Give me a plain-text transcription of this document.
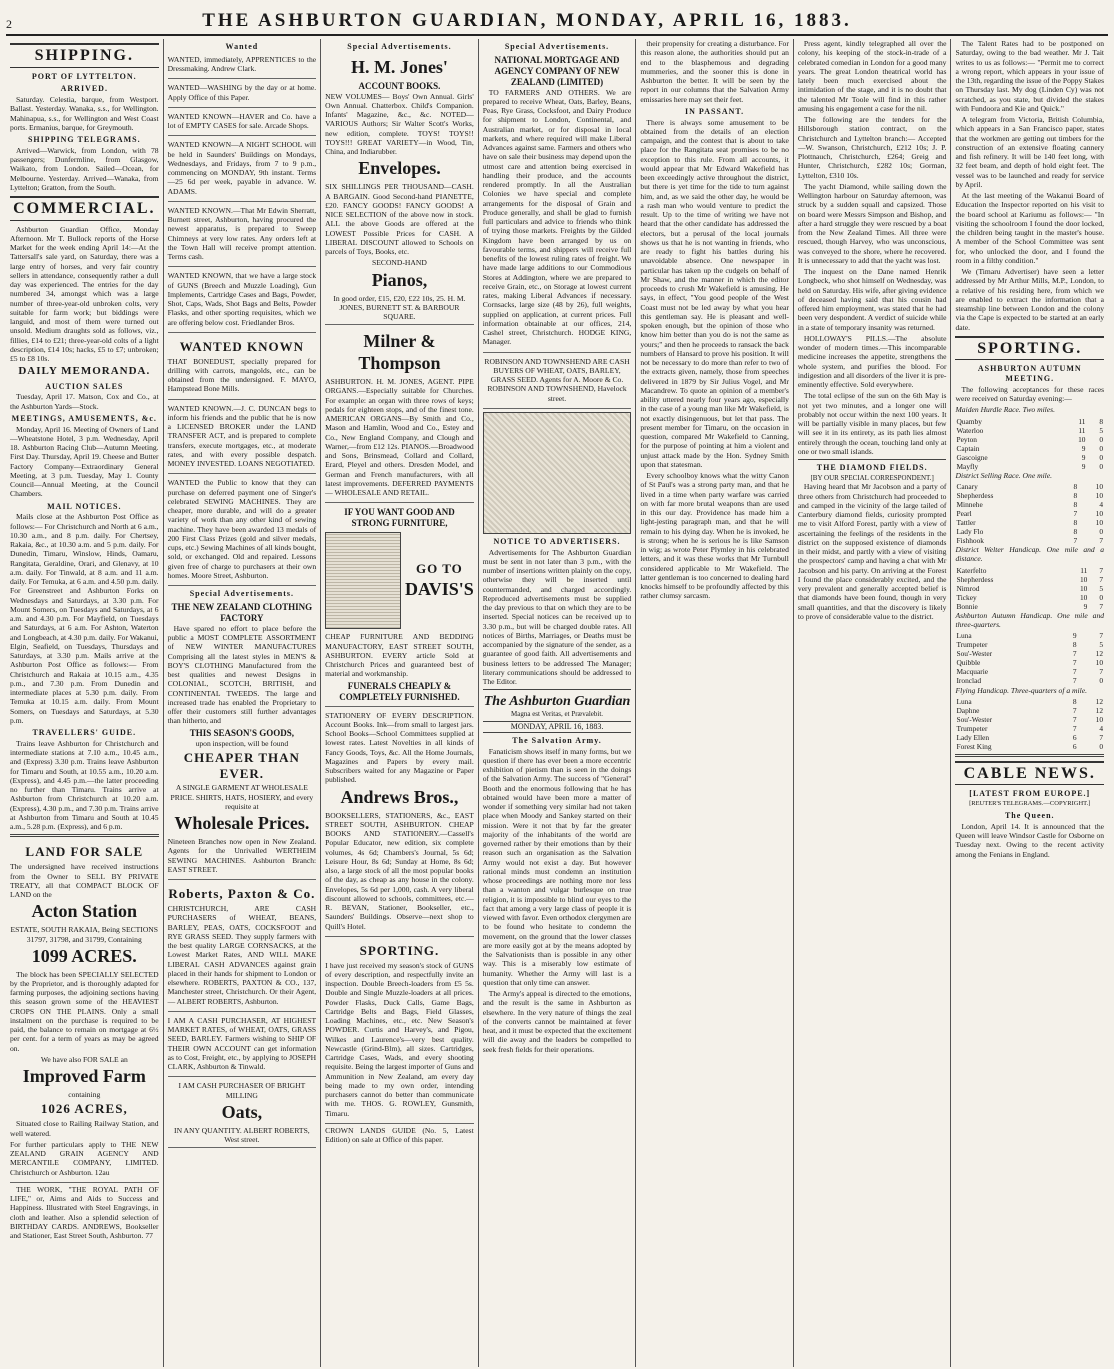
2	THE ASHBURTON GUARDIAN, MONDAY, APRIL 16, 1883.
SHIPPING.
PORT OF LYTTELTON.
ARRIVED.

Saturday. Celestia, barque, from Westport. Ballast. Yesterday. Wanaka, s.s., for Wellington. Mahinapua, s.s., for Wellington and West Coast ports. Ermanius, barque, for Greymouth.

SHIPPING TELEGRAMS.

Arrived—Warwick, from London, with 78 passengers; Dunfermline, from Glasgow, Waikato, from London. Sailed—Ocean, for Melbourne. Yesterday. Arrived—Wanaka, from Lyttelton; Gratton, from the South.

COMMERCIAL.

Ashburton Guardian Office, Monday Afternoon. Mr T. Bullock reports of the Horse Market for the week ending April 14:—At the Tattersall's sale yard, on Saturday, there was a large entry of horses, and very fair country sellers in attendance, consequently rather a dull day was experienced. The entries for the day numbered 34, amongst which was a large number of three-year-old unbroken colts, very suitable for farm work; but biddings were languid, and most of them were turned out unsold. Medium draughts sold as follows, viz., fillies, £14 to £21; three-year-old colts of a light description, £14 10s; hacks, £5 to £7; unbroken; £5 to £8 10s.

DAILY MEMORANDA.
AUCTION SALES

Tuesday, April 17. Matson, Cox and Co., at the Ashburton Yards—Stock.

MEETINGS, AMUSEMENTS, &c.

Monday, April 16. Meeting of Owners of Land—Wheatstone Hotel, 3 p.m. Wednesday, April 18. Ashburton Racing Club—Autumn Meeting. First Day. Thursday, April 19. Cheese and Butter Factory Company—Extraordinary General Meeting, at 3 p.m. Tuesday, May 1. County Council—Annual Meeting, at the Council Chambers.

MAIL NOTICES.

Mails close at the Ashburton Post Office as follows:— For Christchurch and North at 6 a.m., 10.30 a.m., and 8 p.m. daily. For Chertsey, Rakaia, &c., at 10.30 a.m. and 5 p.m. daily. For Dunedin, Timaru, Winslow, Hinds, Oamaru, Rangitata, Geraldine, Orari, and Glenavy, at 10 a.m. daily. For Tinwald, at 8 a.m. and 11 a.m. daily. For Temuka, at 6 a.m. and 4.50 p.m. daily. For Greenstreet and Ashburton Forks on Wednesdays and Saturdays, at 3.30 p.m. For Mount Somers, on Tuesdays and Saturdays, at 6 a.m. and 4.30 p.m. For Mayfield, on Tuesdays and Saturdays, at 6 a.m. For Ashton, Waterton and Longbeach, at 4.30 p.m. daily. For Wakanui, Elgin, Seafield, on Tuesdays, Thursdays and Saturdays, at 3.30 p.m. Mails arrive at the Ashburton Post Office as follows:— From Christchurch and Rakaia at 10.15 a.m., 4.35 p.m., and 7.30 p.m. From Dunedin and intermediate places at 5.30 p.m. daily. From Temuka at 10.15 a.m. daily. From Mount Somers, on Tuesdays and Saturdays, at 5.30 p.m.

TRAVELLERS' GUIDE.

Trains leave Ashburton for Christchurch and intermediate stations at 7.10 a.m., 10.45 a.m., and (Express) 3.30 p.m. Trains leave Ashburton for Timaru and South, at 10.55 a.m., 10.20 a.m. (Express), and 4.45 p.m.—the latter proceeding no further than Timaru. Trains arrive at Ashburton from Christchurch at 10.20 a.m. (Express), 4.30 p.m., and 7.30 p.m. Trains arrive at Ashburton from Timaru and South at 10.45 a.m., 5.28 p.m. (Express), and 6 p.m.

LAND FOR SALE

The undersigned have received instructions from the Owner to SELL BY PRIVATE TREATY, all that COMPACT BLOCK OF LAND on the

Acton Station
ESTATE, SOUTH RAKAIA, Being SECTIONS 31797, 31798, and 31799, Containing
1099 ACRES.

The block has been SPECIALLY SELECTED by the Proprietor, and is thoroughly adapted for farming purposes, the adjoining sections having this season grown some of the HEAVIEST CROPS ON THE PLAINS. Only a small instalment on the purchase is required to be paid, the balance to remain on mortgage at 6½ per cent. for a term of years as may be agreed on.

We have also FOR SALE an
Improved Farm
containing
1026 ACRES,

Situated close to Railing Railway Station, and well watered.

For further particulars apply to THE NEW ZEALAND GRAIN AGENCY AND MERCANTILE COMPANY, LIMITED. Christchurch or Ashburton. 12au

THE WORK, "THE ROYAL PATH OF LIFE," or, Aims and Aids to Success and Happiness. Illustrated with Steel Engravings, in cloth and leather. Also a splendid selection of BIRTHDAY CARDS. ANDREWS, Bookseller and Stationer, East Street South, Ashburton. 77

Wanted

WANTED, immediately, APPRENTICES to the Dressmaking. Andrew Clark.

WANTED—WASHING by the day or at home. Apply Office of this Paper.

WANTED KNOWN—HAVER and Co. have a lot of EMPTY CASES for sale. Arcade Shops.

WANTED KNOWN—A NIGHT SCHOOL will be held in Saunders' Buildings on Mondays, Wednesdays, and Fridays, from 7 to 9 p.m., commencing on MONDAY, 9th instant. Terms—25 6d per week, payable in advance. W. ADAMS.

WANTED KNOWN.—That Mr Edwin Sherratt, Burnett street, Ashburton, having procured the newest apparatus, is prepared to Sweep Chimneys at very low rates. Any orders left at the Town Hall will receive prompt attention. Terms cash.

WANTED KNOWN, that we have a large stock of GUNS (Breech and Muzzle Loading), Gun Implements, Cartridge Cases and Bags, Powder, Shot, Caps, Wads, Shot Bags and Belts, Powder Flasks, and other sporting requisites, which we are offering below cost. Friedlander Bros.

WANTED KNOWN

THAT BONEDUST, specially prepared for drilling with carrots, mangolds, etc., can be obtained from the undersigned. F. MAYO, Hampstead Bone Mills.

WANTED KNOWN.—J. C. DUNCAN begs to inform his friends and the public that he is now a LICENSED BROKER under the LAND TRANSFER ACT, and is prepared to complete transfers, execute mortgages, etc., at moderate rates, and with every possible despatch. MONEY INVESTED. LOANS NEGOTIATED.

WANTED the Public to know that they can purchase on deferred payment one of Singer's celebrated SEWING MACHINES. They are cheaper, more durable, and will do a greater variety of work than any other kind of sewing machine. They have been awarded 13 medals of 200 First Class Prizes (gold and silver medals, cups, etc.) Sewing Machines of all kinds bought, sold, or exchanged. Old and repaired. Lessons given free of charge to purchasers at their own homes. Moore Street, Ashburton.

Special Advertisements.
THE NEW ZEALAND CLOTHING FACTORY

Have spared no effort to place before the public a MOST COMPLETE ASSORTMENT of NEW WINTER MANUFACTURES Comprising all the latest styles in MEN'S & BOY'S CLOTHING Manufactured from the best qualities and newest Designs in COLONIAL, SCOTCH, BRITISH, and CONTINENTAL TWEEDS. The large and increased trade has enabled the Proprietary to offer their customers still further advantages than hitherto, and

THIS SEASON'S GOODS,
upon inspection, will be found
CHEAPER THAN EVER.
A SINGLE GARMENT AT WHOLESALE PRICE. SHIRTS, HATS, HOSIERY, and every requisite at
Wholesale Prices.

Nineteen Branches now open in New Zealand. Agents for the Unrivalled WERTHEIM SEWING MACHINES. Ashburton Branch: EAST STREET.

Roberts, Paxton & Co.

CHRISTCHURCH, ARE CASH PURCHASERS of WHEAT, BEANS, BARLEY, PEAS, OATS, COCKSFOOT and RYE GRASS SEED. They supply farmers with the best quality LARGE CORNSACKS, at the Lowest Market Rates, AND WILL MAKE LIBERAL CASH ADVANCES against grain placed in their hands for shipment to London or elsewhere. ROBERTS, PAXTON & CO., 137, Manchester street, Christchurch. Or their Agent,— ALBERT ROBERTS, Ashburton.

I AM A CASH PURCHASER, AT HIGHEST MARKET RATES, of WHEAT, OATS, GRASS SEED, BARLEY. Farmers wishing to SHIP OF THEIR OWN ACCOUNT can get information as to Cost, Freight, etc., by applying to JOSEPH CLARK, Ashburton & Tinwald.

I AM CASH PURCHASER OF BRIGHT MILLING
Oats,
IN ANY QUANTITY. ALBERT ROBERTS, West street.
Special Advertisements.
H. M. Jones'
ACCOUNT BOOKS.

NEW VOLUMES— Boys' Own Annual. Girls' Own Annual. Chatterbox. Child's Companion. Infants' Magazine, &c., &c. NOTED— VARIOUS Authors; Sir Walter Scott's Works, new edition, complete. TOYS! TOYS!! TOYS!!! GREAT VARIETY—in Wood, Tin, China, and Indiarubber.

Envelopes.

SIX SHILLINGS PER THOUSAND—CASH. A BARGAIN. Good Second-hand PIANETTE, £20. FANCY GOODS! FANCY GOODS! A NICE SELECTION of the above now in stock. ALL the above Goods are offered at the LOWEST Possible Prices for CASH. A LIBERAL DISCOUNT allowed to Schools on parcels of Toys, Books, etc.

SECOND-HAND
Pianos,
In good order, £15, £20, £22 10s, 25. H. M. JONES, BURNETT ST. & BARBOUR SQUARE.
Milner & Thompson

ASHBURTON. H. M. JONES, AGENT. PIPE ORGANS.—Especially suitable for Churches. For example: an organ with three rows of keys; pedals for eighteen stops, and of the finest tone. AMERICAN ORGANS—By Smith and Co., Mason and Hamlin, Wood and Co., Estey and Co., New England Company, and Clough and Warner,—from £12 12s. PIANOS.—Broadwood and Sons, Brinsmead, Collard and Collard, Erard, Pleyel and others. Dresden Model, and German and French manufacturers, with all latest improvements. DEFERRED PAYMENTS — WHOLESALE AND RETAIL.

IF YOU WANT GOOD AND STRONG FURNITURE,
GO TO
DAVIS'S

CHEAP FURNITURE AND BEDDING MANUFACTORY, EAST STREET SOUTH, ASHBURTON. EVERY article Sold at Christchurch Prices and guaranteed best of material and workmanship.

FUNERALS CHEAPLY & COMPLETELY FURNISHED.

STATIONERY OF EVERY DESCRIPTION. Account Books. Ink—from small to largest jars. School Books—School Committees supplied at lowest rates. Latest Novelties in all kinds of Fancy Goods, Toys, &c. All the Home Journals, Magazines and Papers by every mail. Subscribers waited for any Magazine or Paper published.

Andrews Bros.,

BOOKSELLERS, STATIONERS, &c., EAST STREET SOUTH, ASHBURTON. CHEAP BOOKS AND STATIONERY.—Cassell's Popular Educator, new edition, six complete volumes, 4s 6d; Chambers's Journal, 5s 6d; Leisure Hour, 8s 6d; Sunday at Home, 8s 6d; also, a large stock of all the most popular books of the day, as cheap as any house in the colony. Envelopes, 5s 6d per 1,000, cash. A very liberal discount allowed to schools, committees, etc.—R. BEVAN, Stationer, Bookseller, etc., Saunders' Buildings. Observe—next shop to Quill's Hotel.

SPORTING.

I have just received my season's stock of GUNS of every description, and respectfully invite an inspection. Double Breech-loaders from £5 5s. Double and Single Muzzle-loaders at all prices. Powder Flasks, Duck Calls, Game Bags, Cartridge Belts and Bags, Field Glasses, Loading Machines, etc., etc. New Season's POWDER. Curtis and Harvey's, and Pigou, Wilkes and Laurence's—very best quality. Newcastle (Grind-Blm), all sizes. Cartridges, Cartridge Cases, Wads, and every shooting requisite. Being the largest importer of Guns and Ammunition in New Zealand, am every day being made to my own order, intending purchasers cannot do better than communicate with me. THOS. G. ROWLEY, Gunsmith, Timaru.

CROWN LANDS GUIDE (No. 5, Latest Edition) on sale at Office of this paper.

Special Advertisements.
NATIONAL MORTGAGE AND AGENCY COMPANY OF NEW ZEALAND (LIMITED)

TO FARMERS AND OTHERS. We are prepared to receive Wheat, Oats, Barley, Beans, Peas, Rye Grass, Cocksfoot, and Dairy Produce for shipment to London, Continental, and Australian market, or for disposal in local markets, and where required will make Liberal Advances against same. Farmers and others who have on sale their business may depend upon the utmost care and attention being exercised in handling their produce, and the accounts rendered promptly. In all the Australian Colonies we have special and complete arrangements for the disposal of Grain and Produce generally, and shall be glad to furnish full particulars and advice to friends who think of trying those markets. Freights by the Gilded Kingdom have been arranged by us on favourable terms, and shippers will receive full benefits of the lowest ruling rates of freight. We have made large additions to our Commodious Stores at Addington, where we are prepared to receive Grain, etc., on Storage at lowest current rates, making Liberal Advances if necessary. Cornsacks, large size (48 by 26), full weights, supplied on application, at current prices. Full information obtainable at our offices, 214, Cashel street, Christchurch. HODGE KING, Manager.

ROBINSON AND TOWNSHEND ARE CASH BUYERS OF WHEAT, OATS, BARLEY, GRASS SEED. Agents for A. Moore & Co. ROBINSON AND TOWNSHEND, Havelock street.

NOTICE TO ADVERTISERS.

Advertisements for The Ashburton Guardian must be sent in not later than 3 p.m., with the number of insertions written plainly on the copy, otherwise they will be inserted until countermanded, and charged accordingly. Reproduced advertisements must be supplied the day previous to that on which they are to be inserted. Special notices can be received up to 3.30 p.m., but will be charged double rates. All notices of Births, Marriages, or Deaths must be accompanied by the signature of the sender, as a guarantee of good faith. All advertisements and business letters to be addressed The Manager; literary communications should be addressed to The Editor.

The Ashburton Guardian
Magna est Veritas, et Prævalebit.
MONDAY, APRIL 16, 1883.
The Salvation Army.

Fanaticism shows itself in many forms, but we question if there has ever been a more eccentric exhibition of pietism than is seen in the doings of the Salvation Army. The success of "General" Booth and the enormous following that he has obtained would have been more a matter of wonder if something very similar had not taken place when Moody and Sankey started on their mission. Were it not that by far the greater majority of the inhabitants of the world are governed rather by their emotions than by their reason such an organisation as the Salvation Army would not exist a day. But however rational minds must condemn an institution whose proceedings are nothing more nor less than a wanton and vulgar burlesque on true religion, it is impossible to blind our eyes to the fact that among a very large class of people it is viewed with favor. Even orthodox clergymen are to be found who hesitate to condemn the movement, on the ground that the lower classes are more easily got at by the means adopted by the Salvationists than is possible in any other way. This is a miserably low estimate of humanity. Whether the Army will last is a question that only time can answer.

The Army's appeal is directed to the emotions, and the result is the same in Ashburton as elsewhere. In the very nature of things the zeal of the converts cannot be maintained at fever heat, and it must be expected that the excitement will die away and the leaders be compelled to seek fresh fields for their operations.

their propensity for creating a disturbance. For this reason alone, the authorities should put an end to the blasphemous and degrading mummeries, and the sooner this is done in Ashburton the better. It will be seen by the report in our columns that the Salvation Army emissaries here may set their feet.

IN PASSANT.

There is always some amusement to be obtained from the details of an election campaign, and the contest that is about to take place for the Rangitata seat promises to be no exception to this rule. From all accounts, it would appear that Mr Edward Wakefield has been exceedingly active throughout the district, but there is yet time for the tide to turn against him, and, as we said the other day, he would be a rash man who would venture to predict the result. Up to the time of writing we have not heard that the other candidate has addressed the electors, but a perusal of the local journals shows us that he is not wanting in friends, who are ready to fight his battles during his unavoidable absence. One newspaper in particular has taken up the cudgels on behalf of Mr Shaw, and the manner in which the editor proceeds to crush Mr Wakefield is amusing. He says, in effect, "You good people of the West Coast must not be led away by what you hear this gentleman say. He is pleasant and well-spoken enough, but the opinion of those who know him better than you do is not the same as yours;" and then he proceeds to ransack the back numbers of Hansard to prove his position. It will not be necessary to do more than refer to two of the extracts given, namely, those from speeches delivered in 1879 by Sir Julius Vogel, and Mr Macandrew. To quote an opinion of a member's ability uttered nearly four years ago, especially in the case of a young man like Mr Wakefield, is not exactly disingenuous, but let that pass. The present member for Timaru, on the occasion in question, compared Mr Wakefield to Canning, for the purpose of pointing at him a violent and unjust attack made by the Hon. Sydney Smith upon that statesman.

Every schoolboy knows what the witty Canon of St Paul's was a strong party man, and that he lived in a time when party warfare was carried on with far more brutal weapons than are used in this our day. Providence has made him a light-jesting paragraph man, and that he will remain to his dying day. When he is invoked, he is strong; when he is serious he is like Samson in wig; as wrote Peter Plymley in his celebrated letters, and it was these works that Mr Turnbull considered applicable to Mr Wakefield. The latter gentleman is too concerned to dealing hard knocks himself to be profoundly affected by this rather clumsy sarcasm.

Press agent, kindly telegraphed all over the colony, his keeping of the stock-in-trade of a celebrated comedian in London for a good many years. The great London theatrical world has lately been much exercised about the intimidation of the stage, and it is no doubt that the talented Mr Toole will find in this rather amusing his engagement a case for the nil.

The following are the tenders for the Hillsborough station contract, on the Christchurch and Lyttelton branch:— Accepted—W. Swanson, Christchurch, £212 10s; J. P. Plottnauch, Christchurch, £264; Greig and Hunter, Christchurch, £282 10s; Gorman, Lyttelton, £310 10s.

The yacht Diamond, while sailing down the Wellington harbour on Saturday afternoon, was struck by a sudden squall and capsized. Those on board were Messrs Simpson and Bishop, and after a hard struggle they were rescued by a boat from the New Zealand Times. All three were rescued, though Harvey, who was unconscious, was conveyed to the shore, where he recovered. It is unnecessary to add that the yacht was lost.

The inquest on the Dane named Henrik Longbeck, who shot himself on Wednesday, was held on Saturday. His wife, after giving evidence of deceased having said that his cousin had offered him employment, was stated that he had been very despondent. A verdict of suicide while in a state of temporary insanity was returned.

HOLLOWAY'S PILLS.—The absolute wonder of modern times.—This incomparable medicine increases the appetite, strengthens the whole system, and purifies the blood. For indigestion and all disorders of the liver it is pre-eminently effective. Sold everywhere.

The total eclipse of the sun on the 6th May is not yet two minutes, and a longer one will probably not occur within the next 100 years. It will be partially visible in many places, but few will see it in its entirety, as its path lies almost entirely through the ocean, touching land only at one or two small islands.

THE DIAMOND FIELDS.
[BY OUR SPECIAL CORRESPONDENT.]

Having heard that Mr Jacobson and a party of three others from Christchurch had proceeded to and camped in the vicinity of the large tailed of Canterbury diamond fields, curiosity prompted me to visit Alford Forest, partly with a view of ascertaining the feelings of the residents in the district on the supposed existence of diamonds in their midst, and partly with a view of visiting the prospectors' camp and having a chat with Mr Jacobson and his party. On arriving at the Forest I found the place considerably excited, and the very prevalent and generally accepted belief is that diamonds have been found, though in very small quantities, and that the discovery is likely to prove of considerable value to the district.

The Talent Rates had to be postponed on Saturday, owing to the bad weather. Mr J. Tait writes to us as follows:— "Permit me to correct a wrong report, which appears in your issue of the 13th, regarding the issue of the Poppy Stakes on Thursday last. My dog (Linden Cy) was not scratched, as you state, but divided the stakes with Fundoora and Kie and Quick."

A telegram from Victoria, British Columbia, which appears in a San Francisco paper, states that the workmen are getting out timbers for the construction of an extensive floating cannery and fish refinery. It will be 140 feet long, with 32 feet beam, and depth of hold eight feet. The vessel was to be launched and ready for service by April.

At the last meeting of the Wakanui Board of Education the Inspector reported on his visit to the board school at Kariumu as follows:— "In visiting the schoolroom I found the door locked, the children being taught in the master's house. A member of the School Committee was sent for, who unlocked the door, and I found the room in a filthy condition."

We (Timaru Advertiser) have seen a letter addressed by Mr Arthur Mills, M.P., London, to a relative of his residing here, from which we are enabled to extract the information that a steamship line between London and the colony via the Cape is expected to be started at an early date.

SPORTING.
ASHBURTON AUTUMN MEETING.

The following acceptances for these races were received on Saturday evening:—

Maiden Hurdle Race. Two miles.

Quamby	11	8
Waterloo	11	5
Peyton	10	0
Captain	9	0
Gascoigne	9	0
Mayfly	9	0

District Selling Race. One mile.

Canary	8	10
Shepherdess	8	10
Minnehe	8	4
Pearl	7	10
Tattler	8	10
Lady Flo	8	0
Fishhook	7	7

District Welter Handicap. One mile and a distance.

Katerfelto	11	7
Shepherdess	10	7
Nimrod	10	5
Tickey	10	0
Bonnie	9	7

Ashburton Autumn Handicap. One mile and three-quarters.

Luna	9	7
Trumpeter	8	5
Sou'-Wester	7	12
Quibble	7	10
Macquarie	7	7
Ironclad	7	0

Flying Handicap. Three-quarters of a mile.

Luna	8	12
Daphne	7	12
Sou'-Wester	7	10
Trumpeter	7	4
Lady Ellen	6	7
Forest King	6	0
CABLE NEWS.
[LATEST FROM EUROPE.]
[REUTER'S TELEGRAMS.—COPYRIGHT.]
The Queen.

London, April 14. It is announced that the Queen will leave Windsor Castle for Osborne on Tuesday next. Owing to the recent activity among the Fenians in England.
